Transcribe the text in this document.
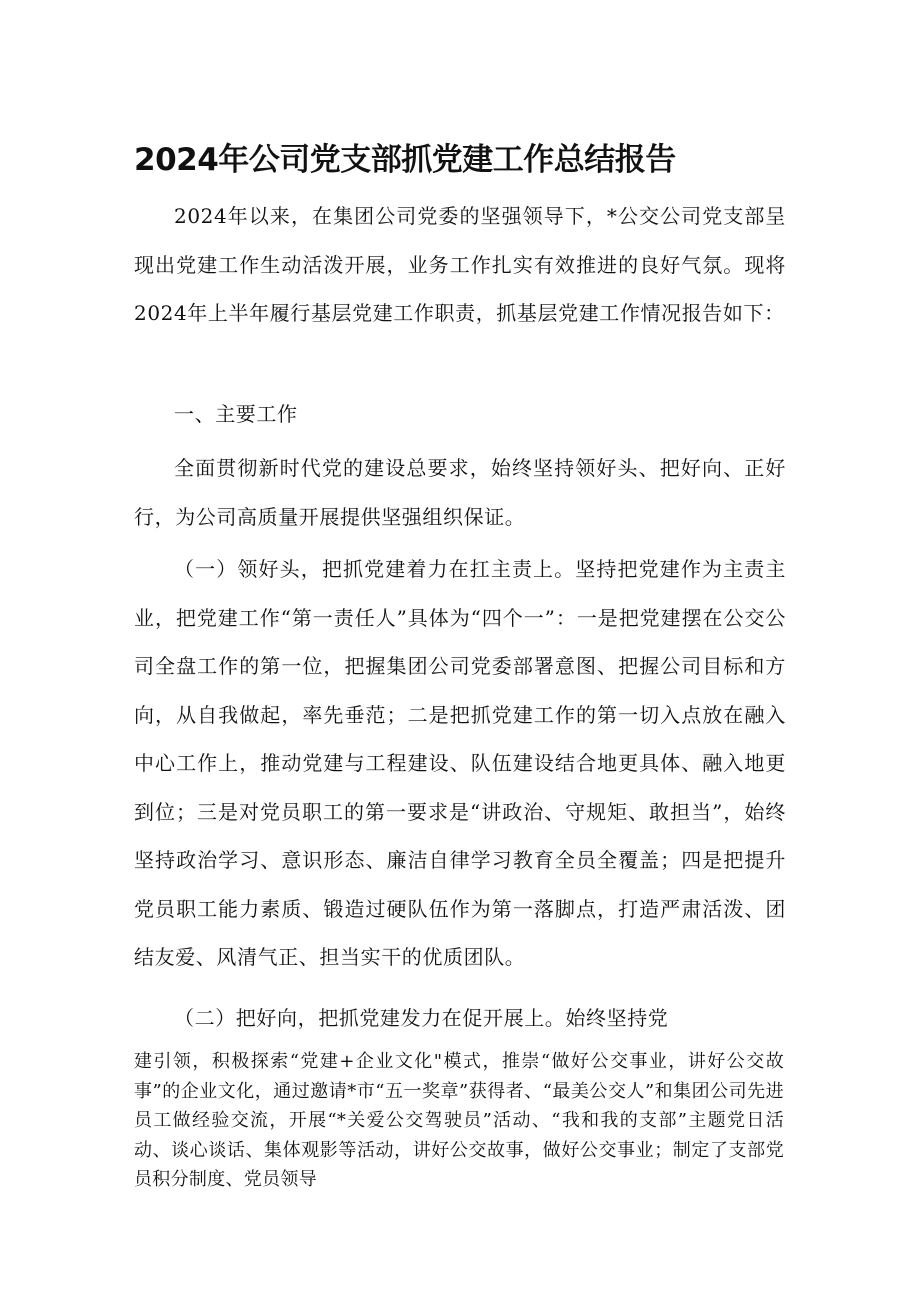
2024年公司党支部抓党建工作总结报告

2024年以来，在集团公司党委的坚强领导下，*公交公司党支部呈现出党建工作生动活泼开展，业务工作扎实有效推进的良好气氛。现将2024年上半年履行基层党建工作职责，抓基层党建工作情况报告如下：

一、主要工作

全面贯彻新时代党的建设总要求，始终坚持领好头、把好向、正好行，为公司高质量开展提供坚强组织保证。

（一）领好头，把抓党建着力在扛主责上。坚持把党建作为主责主业，把党建工作“第一责任人”具体为“四个一”：一是把党建摆在公交公司全盘工作的第一位，把握集团公司党委部署意图、把握公司目标和方向，从自我做起，率先垂范；二是把抓党建工作的第一切入点放在融入中心工作上，推动党建与工程建设、队伍建设结合地更具体、融入地更到位；三是对党员职工的第一要求是“讲政治、守规矩、敢担当”，始终坚持政治学习、意识形态、廉洁自律学习教育全员全覆盖；四是把提升党员职工能力素质、锻造过硬队伍作为第一落脚点，打造严肃活泼、团结友爱、风清气正、担当实干的优质团队。

（二）把好向，把抓党建发力在促开展上。始终坚持党

建引领，积极探索“党建+企业文化"模式，推崇“做好公交事业，讲好公交故事”的企业文化，通过邀请*市“五一奖章”获得者、“最美公交人”和集团公司先进员工做经验交流，开展“*关爱公交驾驶员”活动、“我和我的支部”主题党日活动、谈心谈话、集体观影等活动，讲好公交故事，做好公交事业；制定了支部党员积分制度、党员领导
